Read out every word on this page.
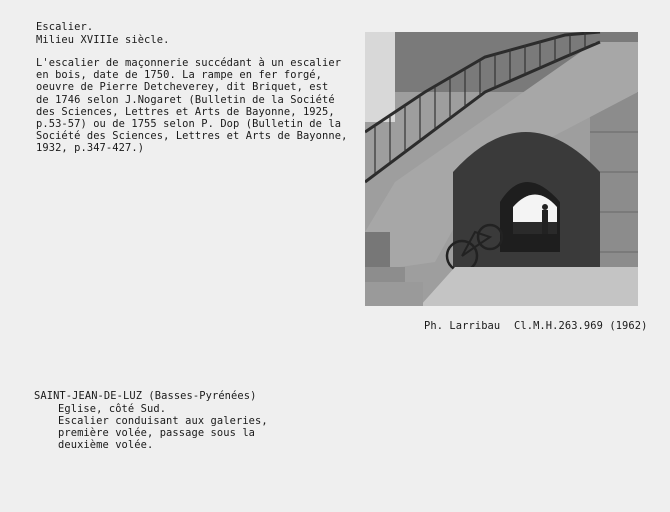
Escalier.
Milieu XVIIIe siècle.
L'escalier de maçonnerie succédant à un escalier
en bois, date de 1750. La rampe en fer forgé,
oeuvre de Pierre Detcheverey, dit Briquet, est
de 1746 selon J.Nogaret (Bulletin de la Société
des Sciences, Lettres et Arts de Bayonne, 1925,
p.53-57) ou de 1755 selon P. Dop (Bulletin de la
Société des Sciences, Lettres et Arts de Bayonne,
1932, p.347-427.)
Ph. Larribau Cl.M.H.263.969 (1962)
SAINT-JEAN-DE-LUZ (Basses-Pyrénées)
Eglise, côté Sud.
Escalier conduisant aux galeries,
première volée, passage sous la
deuxième volée.
